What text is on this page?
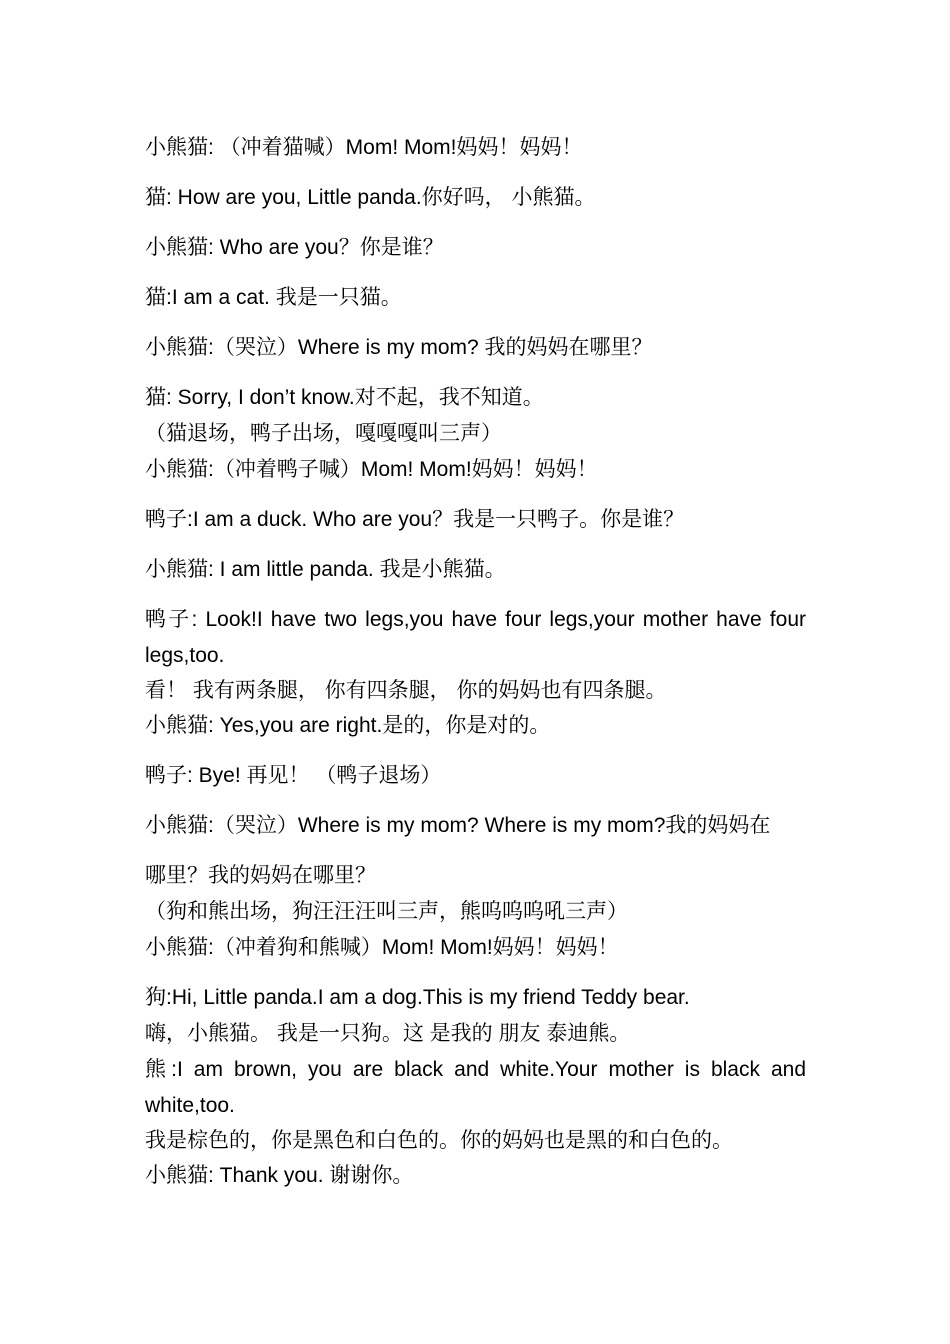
小熊猫: （冲着猫喊）Mom! Mom!妈妈！妈妈！
猫: How are you, Little panda.你好吗， 小熊猫。
小熊猫: Who are you？你是谁？
猫:I am a cat. 我是一只猫。
小熊猫:（哭泣）Where is my mom? 我的妈妈在哪里？
猫: Sorry, I don’t know.对不起，我不知道。
（猫退场，鸭子出场，嘎嘎嘎叫三声）
小熊猫:（冲着鸭子喊）Mom! Mom!妈妈！妈妈！
鸭子:I am a duck. Who are you？我是一只鸭子。你是谁？
小熊猫: I am little panda. 我是小熊猫。
鸭子: Look!I have two legs,you have four legs,your mother have four legs,too.
看！ 我有两条腿， 你有四条腿， 你的妈妈也有四条腿。
小熊猫: Yes,you are right.是的，你是对的。
鸭子: Bye! 再见！ （鸭子退场）
小熊猫:（哭泣）Where is my mom? Where is my mom?我的妈妈在
哪里？我的妈妈在哪里？
（狗和熊出场，狗汪汪汪叫三声，熊呜呜呜吼三声）
小熊猫:（冲着狗和熊喊）Mom! Mom!妈妈！妈妈！
狗:Hi, Little panda.I am a dog.This is my friend Teddy bear.
嗨，小熊猫。 我是一只狗。这 是我的 朋友 泰迪熊。
熊:I am brown, you are black and white.Your mother is black and white,too.
我是棕色的，你是黑色和白色的。你的妈妈也是黑的和白色的。
小熊猫: Thank you. 谢谢你。
